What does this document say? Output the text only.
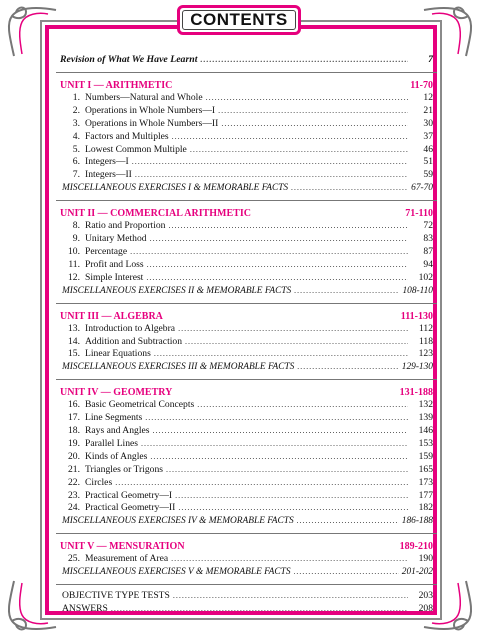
CONTENTS
Revision of What We Have Learnt .....	7
UNIT I — ARITHMETIC	11-70
1. Numbers—Natural and Whole .....	12
2. Operations in Whole Numbers—I .....	21
3. Operations in Whole Numbers—II .....	30
4. Factors and Multiples .....	37
5. Lowest Common Multiple .....	46
6. Integers—I .....	51
7. Integers—II .....	59
MISCELLANEOUS EXERCISES I & MEMORABLE FACTS .....	67-70
UNIT II — COMMERCIAL ARITHMETIC	71-110
8. Ratio and Proportion .....	72
9. Unitary Method .....	83
10. Percentage .....	87
11. Profit and Loss .....	94
12. Simple Interest .....	102
MISCELLANEOUS EXERCISES II & MEMORABLE FACTS .....	108-110
UNIT III — ALGEBRA	111-130
13. Introduction to Algebra .....	112
14. Addition and Subtraction .....	118
15. Linear Equations .....	123
MISCELLANEOUS EXERCISES III & MEMORABLE FACTS .....	129-130
UNIT IV — GEOMETRY	131-188
16. Basic Geometrical Concepts .....	132
17. Line Segments .....	139
18. Rays and Angles .....	146
19. Parallel Lines .....	153
20. Kinds of Angles .....	159
21. Triangles or Trigons .....	165
22. Circles .....	173
23. Practical Geometry—I .....	177
24. Practical Geometry—II .....	182
MISCELLANEOUS EXERCISES IV & MEMORABLE FACTS .....	186-188
UNIT V — MENSURATION	189-210
25. Measurement of Area .....	190
MISCELLANEOUS EXERCISES V & MEMORABLE FACTS .....	201-202
OBJECTIVE TYPE TESTS .....	203
ANSWERS .....	208
